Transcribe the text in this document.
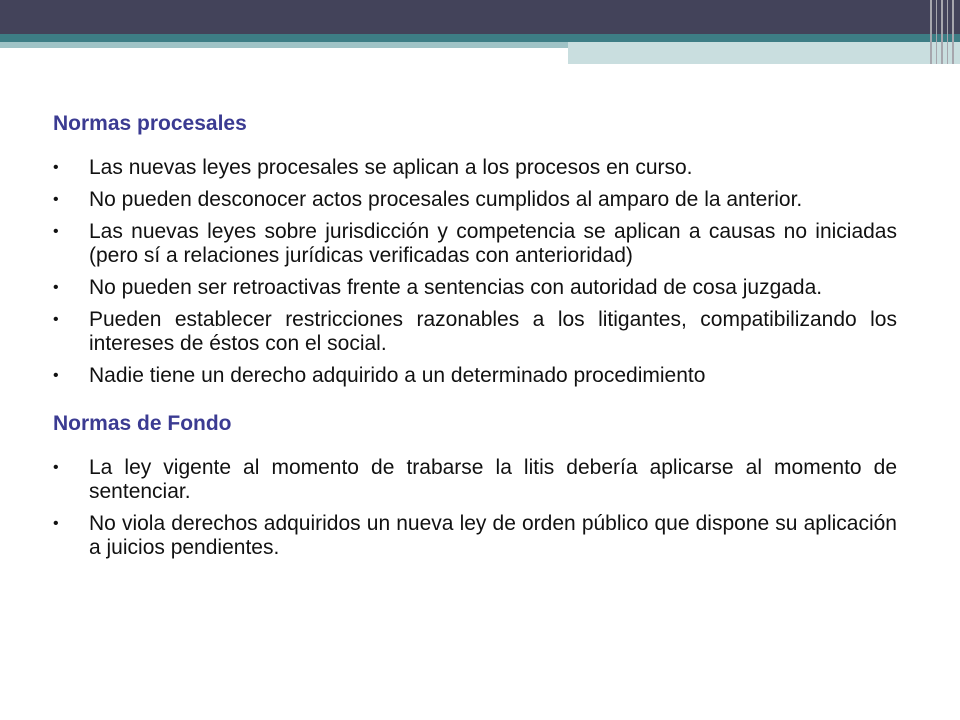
Normas procesales
• Las nuevas leyes procesales se aplican a los procesos en curso.
• No pueden desconocer actos procesales cumplidos al amparo de la anterior.
• Las nuevas leyes sobre jurisdicción y competencia se aplican a causas no iniciadas (pero sí a relaciones jurídicas verificadas con anterioridad)
• No pueden ser retroactivas frente a sentencias con autoridad de cosa juzgada.
• Pueden establecer restricciones razonables a los litigantes, compatibilizando los intereses de éstos con el social.
• Nadie tiene un derecho adquirido a un determinado procedimiento
Normas de Fondo
• La ley vigente al momento de trabarse la litis debería aplicarse al momento de sentenciar.
• No viola derechos adquiridos un nueva ley de orden público que dispone su aplicación a juicios pendientes.
